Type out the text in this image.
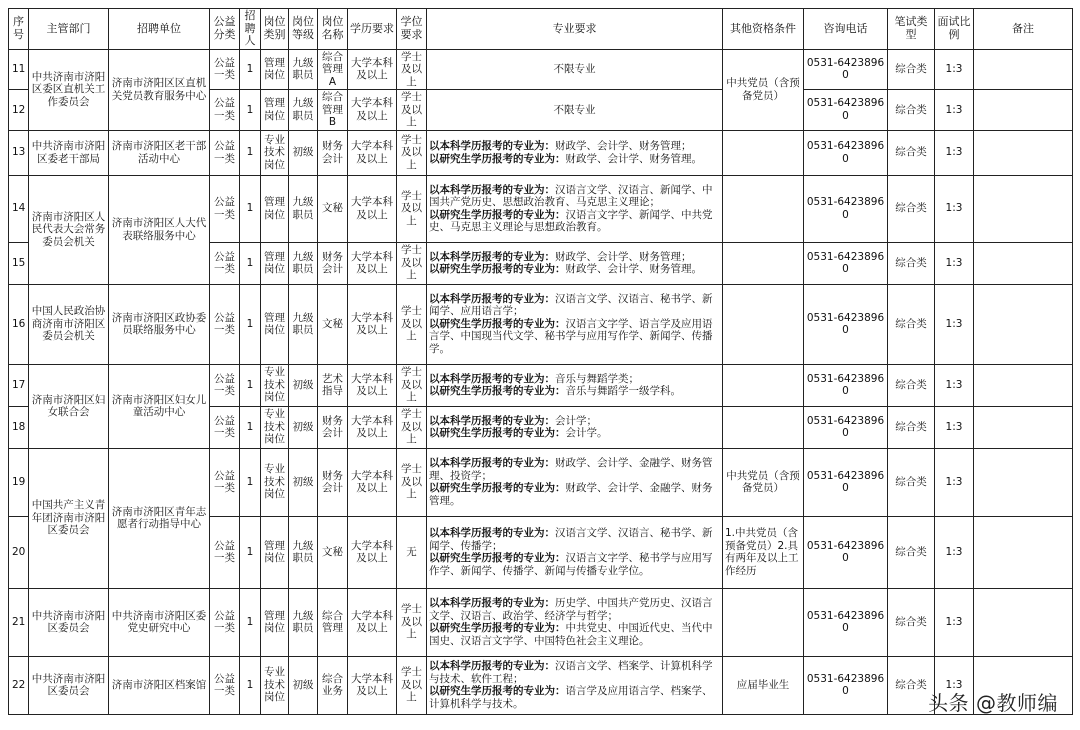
序号	主管部门	招聘单位	公益分类	招聘人	岗位类别	岗位等级	岗位名称	学历要求	学位要求	专业要求	其他资格条件	咨询电话	笔试类型	面试比例	备注
11	中共济南市济阳区委区直机关工作委员会	济南市济阳区区直机关党员教育服务中心	公益一类	1	管理岗位	九级职员	综合管理A	大学本科及以上	学士及以上	不限专业	中共党员（含预备党员）	0531-64238960	综合类	1:3	
12			公益一类	1	管理岗位	九级职员	综合管理B	大学本科及以上	学士及以上	不限专业		0531-64238960	综合类	1:3	
13	中共济南市济阳区委老干部局	济南市济阳区老干部活动中心	公益一类	1	专业技术岗位	初级	财务会计	大学本科及以上	学士及以上	以本科学历报考的专业为：财政学、会计学、财务管理；
以研究生学历报考的专业为：财政学、会计学、财务管理。		0531-64238960	综合类	1:3	
14	济南市济阳区人民代表大会常务委员会机关	济南市济阳区人大代表联络服务中心	公益一类	1	管理岗位	九级职员	文秘	大学本科及以上	学士及以上	以本科学历报考的专业为：汉语言文学、汉语言、新闻学、中国共产党历史、思想政治教育、马克思主义理论；
以研究生学历报考的专业为：汉语言文字学、新闻学、中共党史、马克思主义理论与思想政治教育。		0531-64238960	综合类	1:3	
15			公益一类	1	管理岗位	九级职员	财务会计	大学本科及以上	学士及以上	以本科学历报考的专业为：财政学、会计学、财务管理；
以研究生学历报考的专业为：财政学、会计学、财务管理。		0531-64238960	综合类	1:3	
16	中国人民政治协商济南市济阳区委员会机关	济南市济阳区政协委员联络服务中心	公益一类	1	管理岗位	九级职员	文秘	大学本科及以上	学士及以上	以本科学历报考的专业为：汉语言文学、汉语言、秘书学、新闻学、应用语言学；
以研究生学历报考的专业为：汉语言文字学、语言学及应用语言学、中国现当代文学、秘书学与应用写作学、新闻学、传播学。		0531-64238960	综合类	1:3	
17	济南市济阳区妇女联合会	济南市济阳区妇女儿童活动中心	公益一类	1	专业技术岗位	初级	艺术指导	大学本科及以上	学士及以上	以本科学历报考的专业为：音乐与舞蹈学类；
以研究生学历报考的专业为：音乐与舞蹈学一级学科。		0531-64238960	综合类	1:3	
18			公益一类	1	专业技术岗位	初级	财务会计	大学本科及以上	学士及以上	以本科学历报考的专业为：会计学；
以研究生学历报考的专业为：会计学。		0531-64238960	综合类	1:3	
19	中国共产主义青年团济南市济阳区委员会	济南市济阳区青年志愿者行动指导中心	公益一类	1	专业技术岗位	初级	财务会计	大学本科及以上	学士及以上	以本科学历报考的专业为：财政学、会计学、金融学、财务管理、投资学；
以研究生学历报考的专业为：财政学、会计学、金融学、财务管理。	中共党员（含预备党员）	0531-64238960	综合类	1:3	
20			公益一类	1	管理岗位	九级职员	文秘	大学本科及以上	无	以本科学历报考的专业为：汉语言文学、汉语言、秘书学、新闻学、传播学；
以研究生学历报考的专业为：汉语言文字学、秘书学与应用写作学、新闻学、传播学、新闻与传播专业学位。	1.中共党员（含预备党员）2.具有两年及以上工作经历	0531-64238960	综合类	1:3	
21	中共济南市济阳区委员会	中共济南市济阳区委党史研究中心	公益一类	1	管理岗位	九级职员	综合管理	大学本科及以上	学士及以上	以本科学历报考的专业为：历史学、中国共产党历史、汉语言文学、汉语言、政治学、经济学与哲学；
以研究生学历报考的专业为：中共党史、中国近代史、当代中国史、汉语言文字学、中国特色社会主义理论。		0531-64238960	综合类	1:3	
22	中共济南市济阳区委员会	济南市济阳区档案馆	公益一类	1	专业技术岗位	初级	综合业务	大学本科及以上	学士及以上	以本科学历报考的专业为：汉语言文学、档案学、计算机科学与技术、软件工程；
以研究生学历报考的专业为：语言学及应用语言学、档案学、计算机科学与技术。	应届毕业生	0531-64238960	综合类	1:3	
头条 @教师编
